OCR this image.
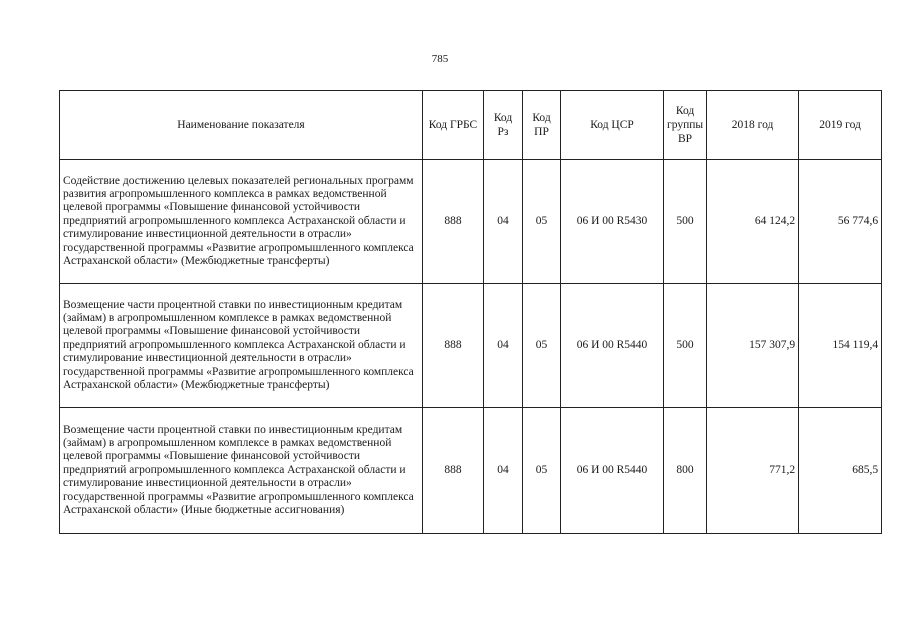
785
Наименование показателя	Код ГРБС	Код Рз	Код ПР	Код ЦСР	Код группы ВР	2018 год	2019 год
Содействие достижению целевых показателей региональных программ развития агропромышленного комплекса в рамках ведомственной целевой программы «Повышение финансовой устойчивости предприятий агропромышленного комплекса Астраханской области и стимулирование инвестиционной деятельности в отрасли» государственной программы «Развитие агропромышленного комплекса Астраханской области» (Межбюджетные трансферты)	888	04	05	06 И 00 R5430	500	64 124,2	56 774,6
Возмещение части процентной ставки по инвестиционным кредитам (займам) в агропромышленном комплексе в рамках ведомственной целевой программы «Повышение финансовой устойчивости предприятий агропромышленного комплекса Астраханской области и стимулирование инвестиционной деятельности в отрасли» государственной программы «Развитие агропромышленного комплекса Астраханской области» (Межбюджетные трансферты)	888	04	05	06 И 00 R5440	500	157 307,9	154 119,4
Возмещение части процентной ставки по инвестиционным кредитам (займам) в агропромышленном комплексе в рамках ведомственной целевой программы «Повышение финансовой устойчивости предприятий агропромышленного комплекса Астраханской области и стимулирование инвестиционной деятельности в отрасли» государственной программы «Развитие агропромышленного комплекса Астраханской области» (Иные бюджетные ассигнования)	888	04	05	06 И 00 R5440	800	771,2	685,5
